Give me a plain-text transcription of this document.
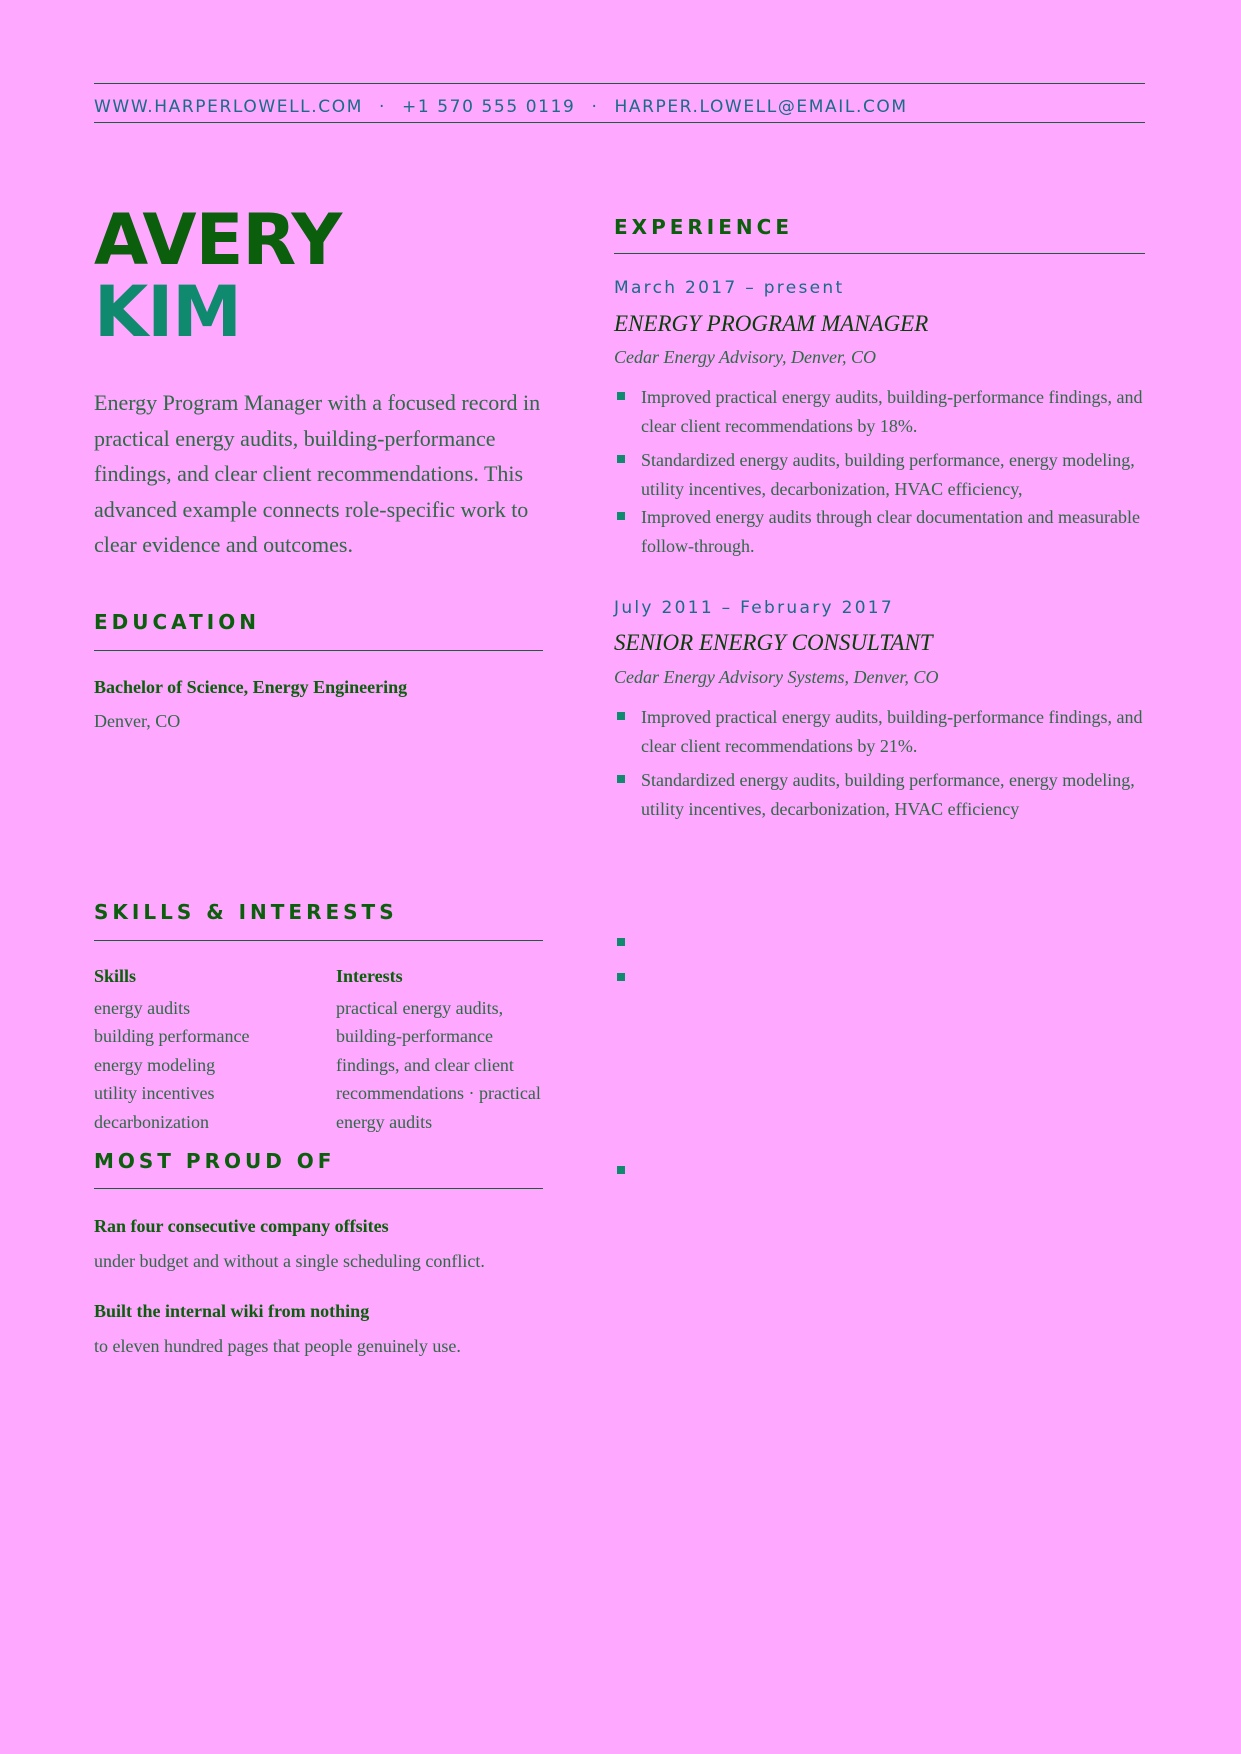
WWW.HARPERLOWELL.COM · +1 570 555 0119 · HARPER.LOWELL@EMAIL.COM
AVERY
KIM
Energy Program Manager with a focused record in practical energy audits, building-performance findings, and clear client recommendations. This advanced example connects role-specific work to clear evidence and outcomes.
EDUCATION
Bachelor of Science, Energy Engineering
Denver, CO
EXPERIENCE
March 2017 – present
ENERGY PROGRAM MANAGER
Cedar Energy Advisory, Denver, CO
Improved practical energy audits, building-performance findings, and clear client recommendations by 18%.
Standardized energy audits, building performance, energy modeling, utility incentives, decarbonization, HVAC efficiency,
Improved energy audits through clear documentation and measurable follow-through.
July 2011 – February 2017
SENIOR ENERGY CONSULTANT
Cedar Energy Advisory Systems, Denver, CO
Improved practical energy audits, building-performance findings, and clear client recommendations by 21%.
Standardized energy audits, building performance, energy modeling, utility incentives, decarbonization, HVAC efficiency
SKILLS & INTERESTS
Skills
energy audits
building performance
energy modeling
utility incentives
decarbonization
Interests
practical energy audits, building-performance findings, and clear client recommendations · practical energy audits
MOST PROUD OF
Ran four consecutive company offsites
under budget and without a single scheduling conflict.
Built the internal wiki from nothing
to eleven hundred pages that people genuinely use.
